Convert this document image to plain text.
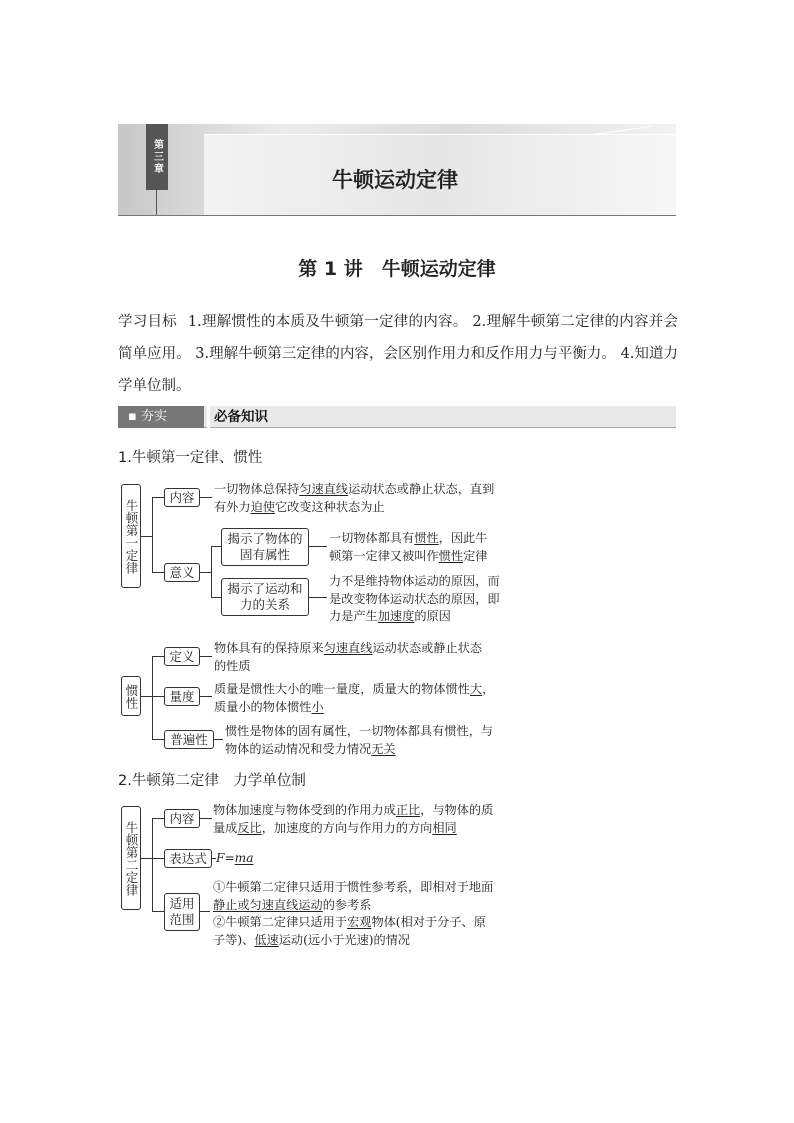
第三章
牛顿运动定律
第 1 讲　牛顿运动定律
学习目标 1.理解惯性的本质及牛顿第一定律的内容。 2.理解牛顿第二定律的内容并会简单应用。 3.理解牛顿第三定律的内容，会区别作用力和反作用力与平衡力。 4.知道力学单位制。
▪ 夯实	必备知识
1.牛顿第一定律、惯性
牛顿第一定律
内容
一切物体总保持匀速直线运动状态或静止状态，直到
有外力迫使它改变这种状态为止
意义
揭示了物体的固有属性
一切物体都具有惯性，因此牛
顿第一定律又被叫作惯性定律
揭示了运动和力的关系
力不是维持物体运动的原因，而
是改变物体运动状态的原因，即
力是产生加速度的原因
惯性
定义
物体具有的保持原来匀速直线运动状态或静止状态
的性质
量度	质量是惯性大小的唯一量度，质量大的物体惯性大，
质量小的物体惯性小
普遍性
惯性是物体的固有属性，一切物体都具有惯性，与
物体的运动情况和受力情况无关
2.牛顿第二定律　力学单位制
牛顿第二定律
内容
物体加速度与物体受到的作用力成正比，与物体的质
量成反比，加速度的方向与作用力的方向相同
表达式 F=ma
适用范围
①牛顿第二定律只适用于惯性参考系，即相对于地面
静止或匀速直线运动的参考系
②牛顿第二定律只适用于宏观物体(相对于分子、原
子等)、低速运动(远小于光速)的情况
